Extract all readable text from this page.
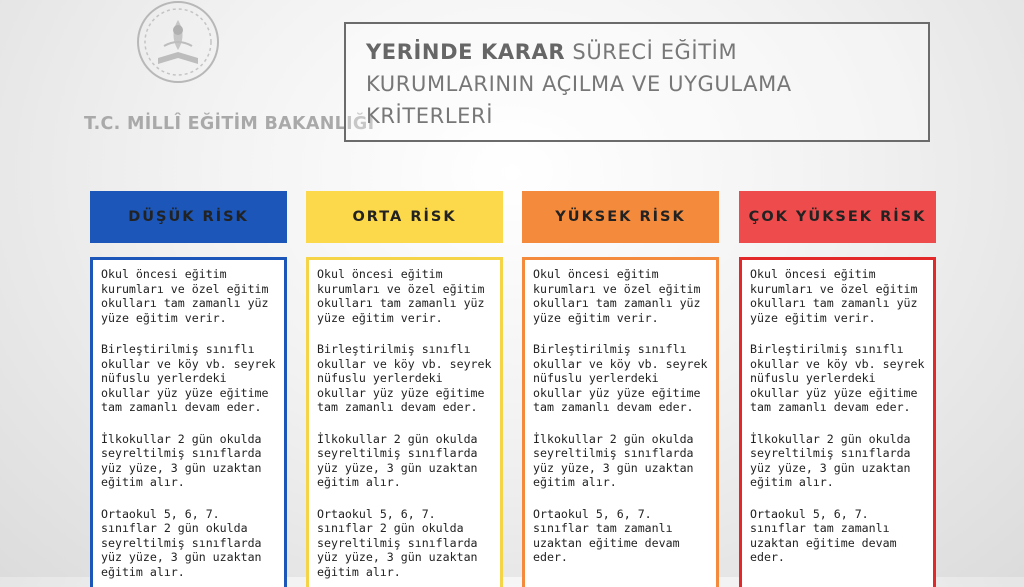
T.C. MİLLÎ EĞİTİM BAKANLIĞI
YERİNDE KARAR SÜRECİ EĞİTİM KURUMLARININ AÇILMA VE UYGULAMA KRİTERLERİ
DÜŞÜK RİSK

Okul öncesi eğitim kurumları ve özel eğitim okulları tam zamanlı yüz yüze eğitim verir.

Birleştirilmiş sınıflı okullar ve köy vb. seyrek nüfuslu yerlerdeki okullar yüz yüze eğitime tam zamanlı devam eder.

İlkokullar 2 gün okulda seyreltilmiş sınıflarda yüz yüze, 3 gün uzaktan eğitim alır.

Ortaokul 5, 6, 7. sınıflar 2 gün okulda seyreltilmiş sınıflarda yüz yüze, 3 gün uzaktan eğitim alır.

ORTA RİSK

Okul öncesi eğitim kurumları ve özel eğitim okulları tam zamanlı yüz yüze eğitim verir.

Birleştirilmiş sınıflı okullar ve köy vb. seyrek nüfuslu yerlerdeki okullar yüz yüze eğitime tam zamanlı devam eder.

İlkokullar 2 gün okulda seyreltilmiş sınıflarda yüz yüze, 3 gün uzaktan eğitim alır.

Ortaokul 5, 6, 7. sınıflar 2 gün okulda seyreltilmiş sınıflarda yüz yüze, 3 gün uzaktan eğitim alır.

YÜKSEK RİSK

Okul öncesi eğitim kurumları ve özel eğitim okulları tam zamanlı yüz yüze eğitim verir.

Birleştirilmiş sınıflı okullar ve köy vb. seyrek nüfuslu yerlerdeki okullar yüz yüze eğitime tam zamanlı devam eder.

İlkokullar 2 gün okulda seyreltilmiş sınıflarda yüz yüze, 3 gün uzaktan eğitim alır.

Ortaokul 5, 6, 7. sınıflar tam zamanlı uzaktan eğitime devam eder.

ÇOK YÜKSEK RİSK

Okul öncesi eğitim kurumları ve özel eğitim okulları tam zamanlı yüz yüze eğitim verir.

Birleştirilmiş sınıflı okullar ve köy vb. seyrek nüfuslu yerlerdeki okullar yüz yüze eğitime tam zamanlı devam eder.

İlkokullar 2 gün okulda seyreltilmiş sınıflarda yüz yüze, 3 gün uzaktan eğitim alır.

Ortaokul 5, 6, 7. sınıflar tam zamanlı uzaktan eğitime devam eder.
